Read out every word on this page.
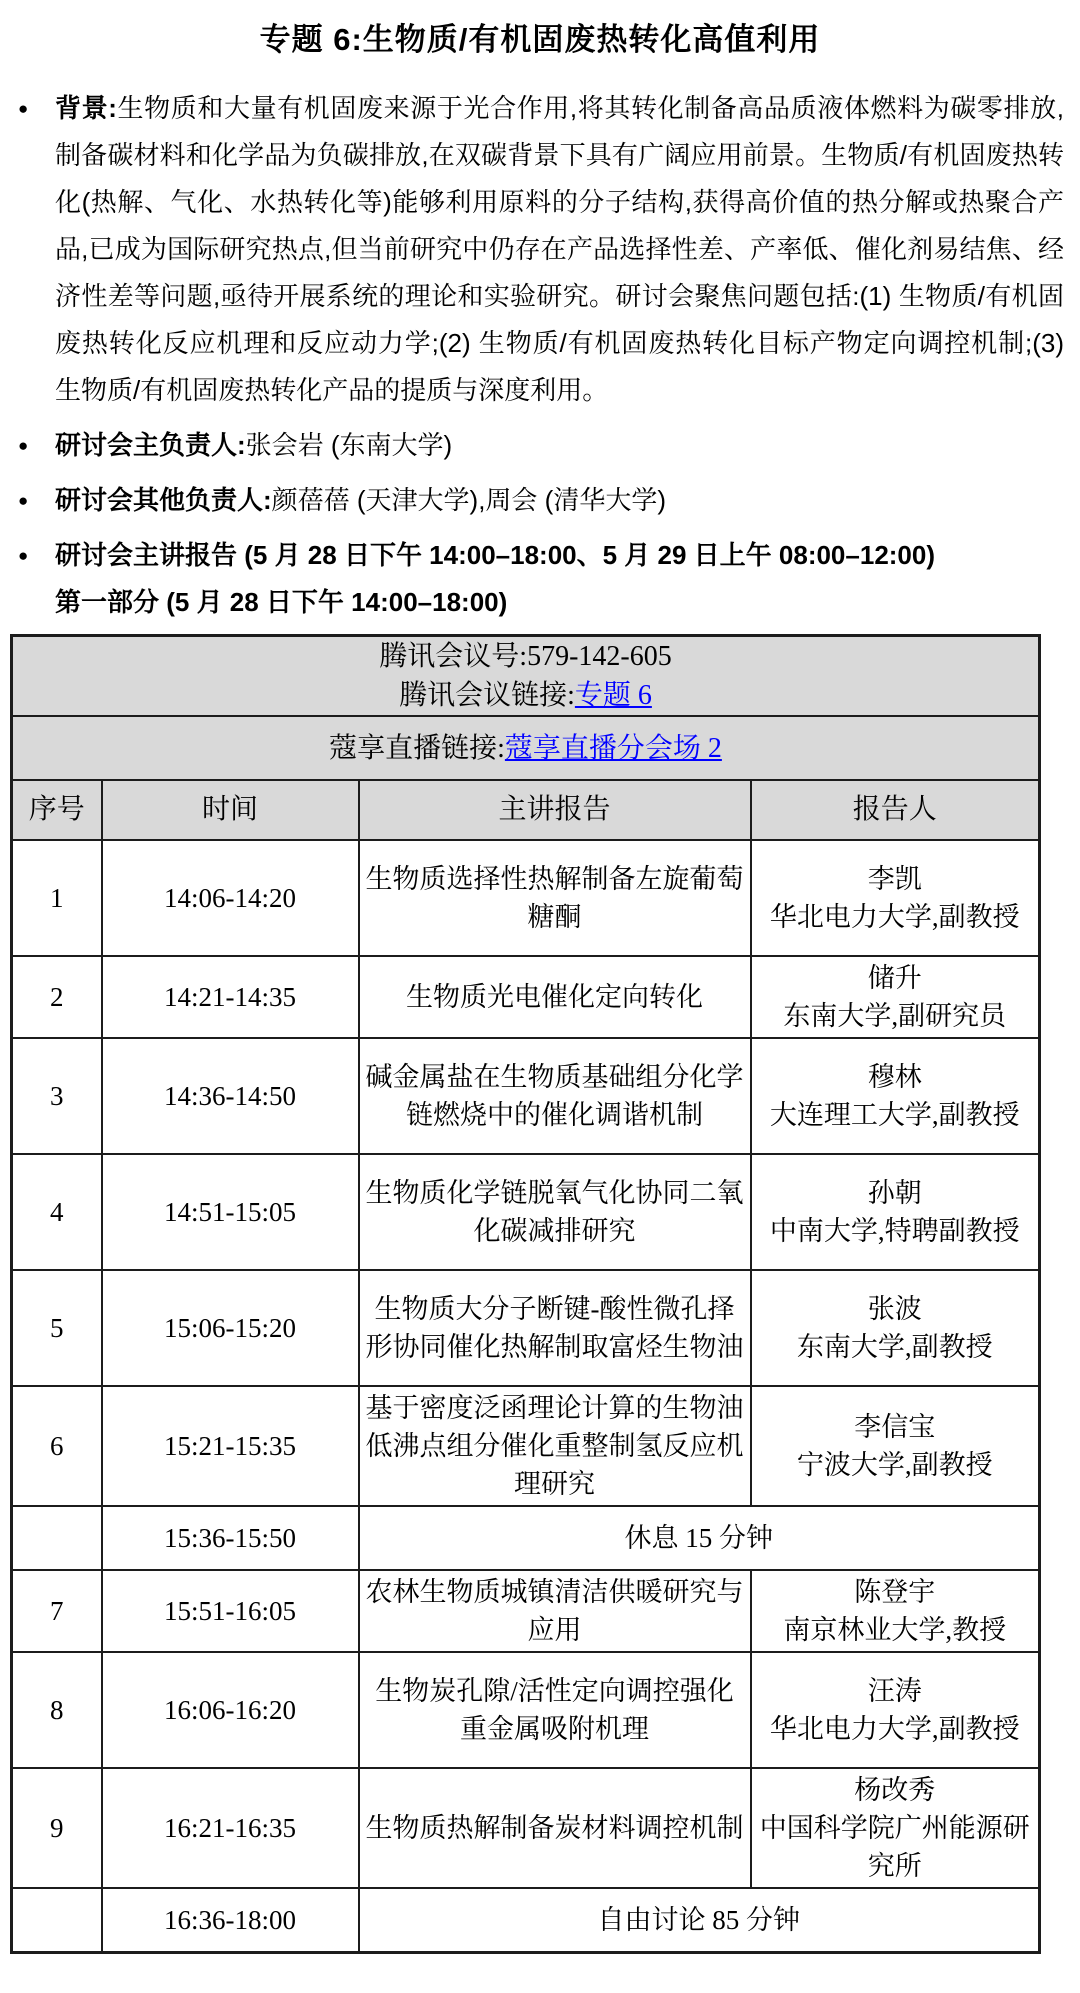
专题 6:生物质/有机固废热转化高值利用
●	背景:生物质和大量有机固废来源于光合作用,将其转化制备高品质液体燃料为碳零排放,制备碳材料和化学品为负碳排放,在双碳背景下具有广阔应用前景。生物质/有机固废热转化(热解、气化、水热转化等)能够利用原料的分子结构,获得高价值的热分解或热聚合产品,已成为国际研究热点,但当前研究中仍存在产品选择性差、产率低、催化剂易结焦、经济性差等问题,亟待开展系统的理论和实验研究。研讨会聚焦问题包括:(1) 生物质/有机固废热转化反应机理和反应动力学;(2) 生物质/有机固废热转化目标产物定向调控机制;(3) 生物质/有机固废热转化产品的提质与深度利用。
●	研讨会主负责人:张会岩 (东南大学)
●	研讨会其他负责人:颜蓓蓓 (天津大学),周会 (清华大学)
●	研讨会主讲报告 (5 月 28 日下午 14:00–18:00、5 月 29 日上午 08:00–12:00)
第一部分 (5 月 28 日下午 14:00–18:00)
腾讯会议号:579-142-605
腾讯会议链接:专题 6			

蔻享直播链接:蔻享直播分会场 2			
序号	时间	主讲报告	报告人
1	14:06-14:20	生物质选择性热解制备左旋葡萄糖酮	李凯
华北电力大学,副教授

2	14:21-14:35	生物质光电催化定向转化	储升
东南大学,副研究员

3	14:36-14:50	碱金属盐在生物质基础组分化学链燃烧中的催化调谐机制	穆林
大连理工大学,副教授

4	14:51-15:05	生物质化学链脱氧气化协同二氧化碳减排研究	孙朝
中南大学,特聘副教授

5	15:06-15:20	生物质大分子断键-酸性微孔择形协同催化热解制取富烃生物油	张波
东南大学,副教授

6	15:21-15:35	基于密度泛函理论计算的生物油低沸点组分催化重整制氢反应机理研究	李信宝
宁波大学,副教授

	15:36-15:50	休息 15 分钟	
7	15:51-16:05	农林生物质城镇清洁供暖研究与应用	陈登宇
南京林业大学,教授

8	16:06-16:20	生物炭孔隙/活性定向调控强化重金属吸附机理	汪涛
华北电力大学,副教授

9	16:21-16:35	生物质热解制备炭材料调控机制	杨改秀
中国科学院广州能源研究所

	16:36-18:00	自由讨论 85 分钟	
